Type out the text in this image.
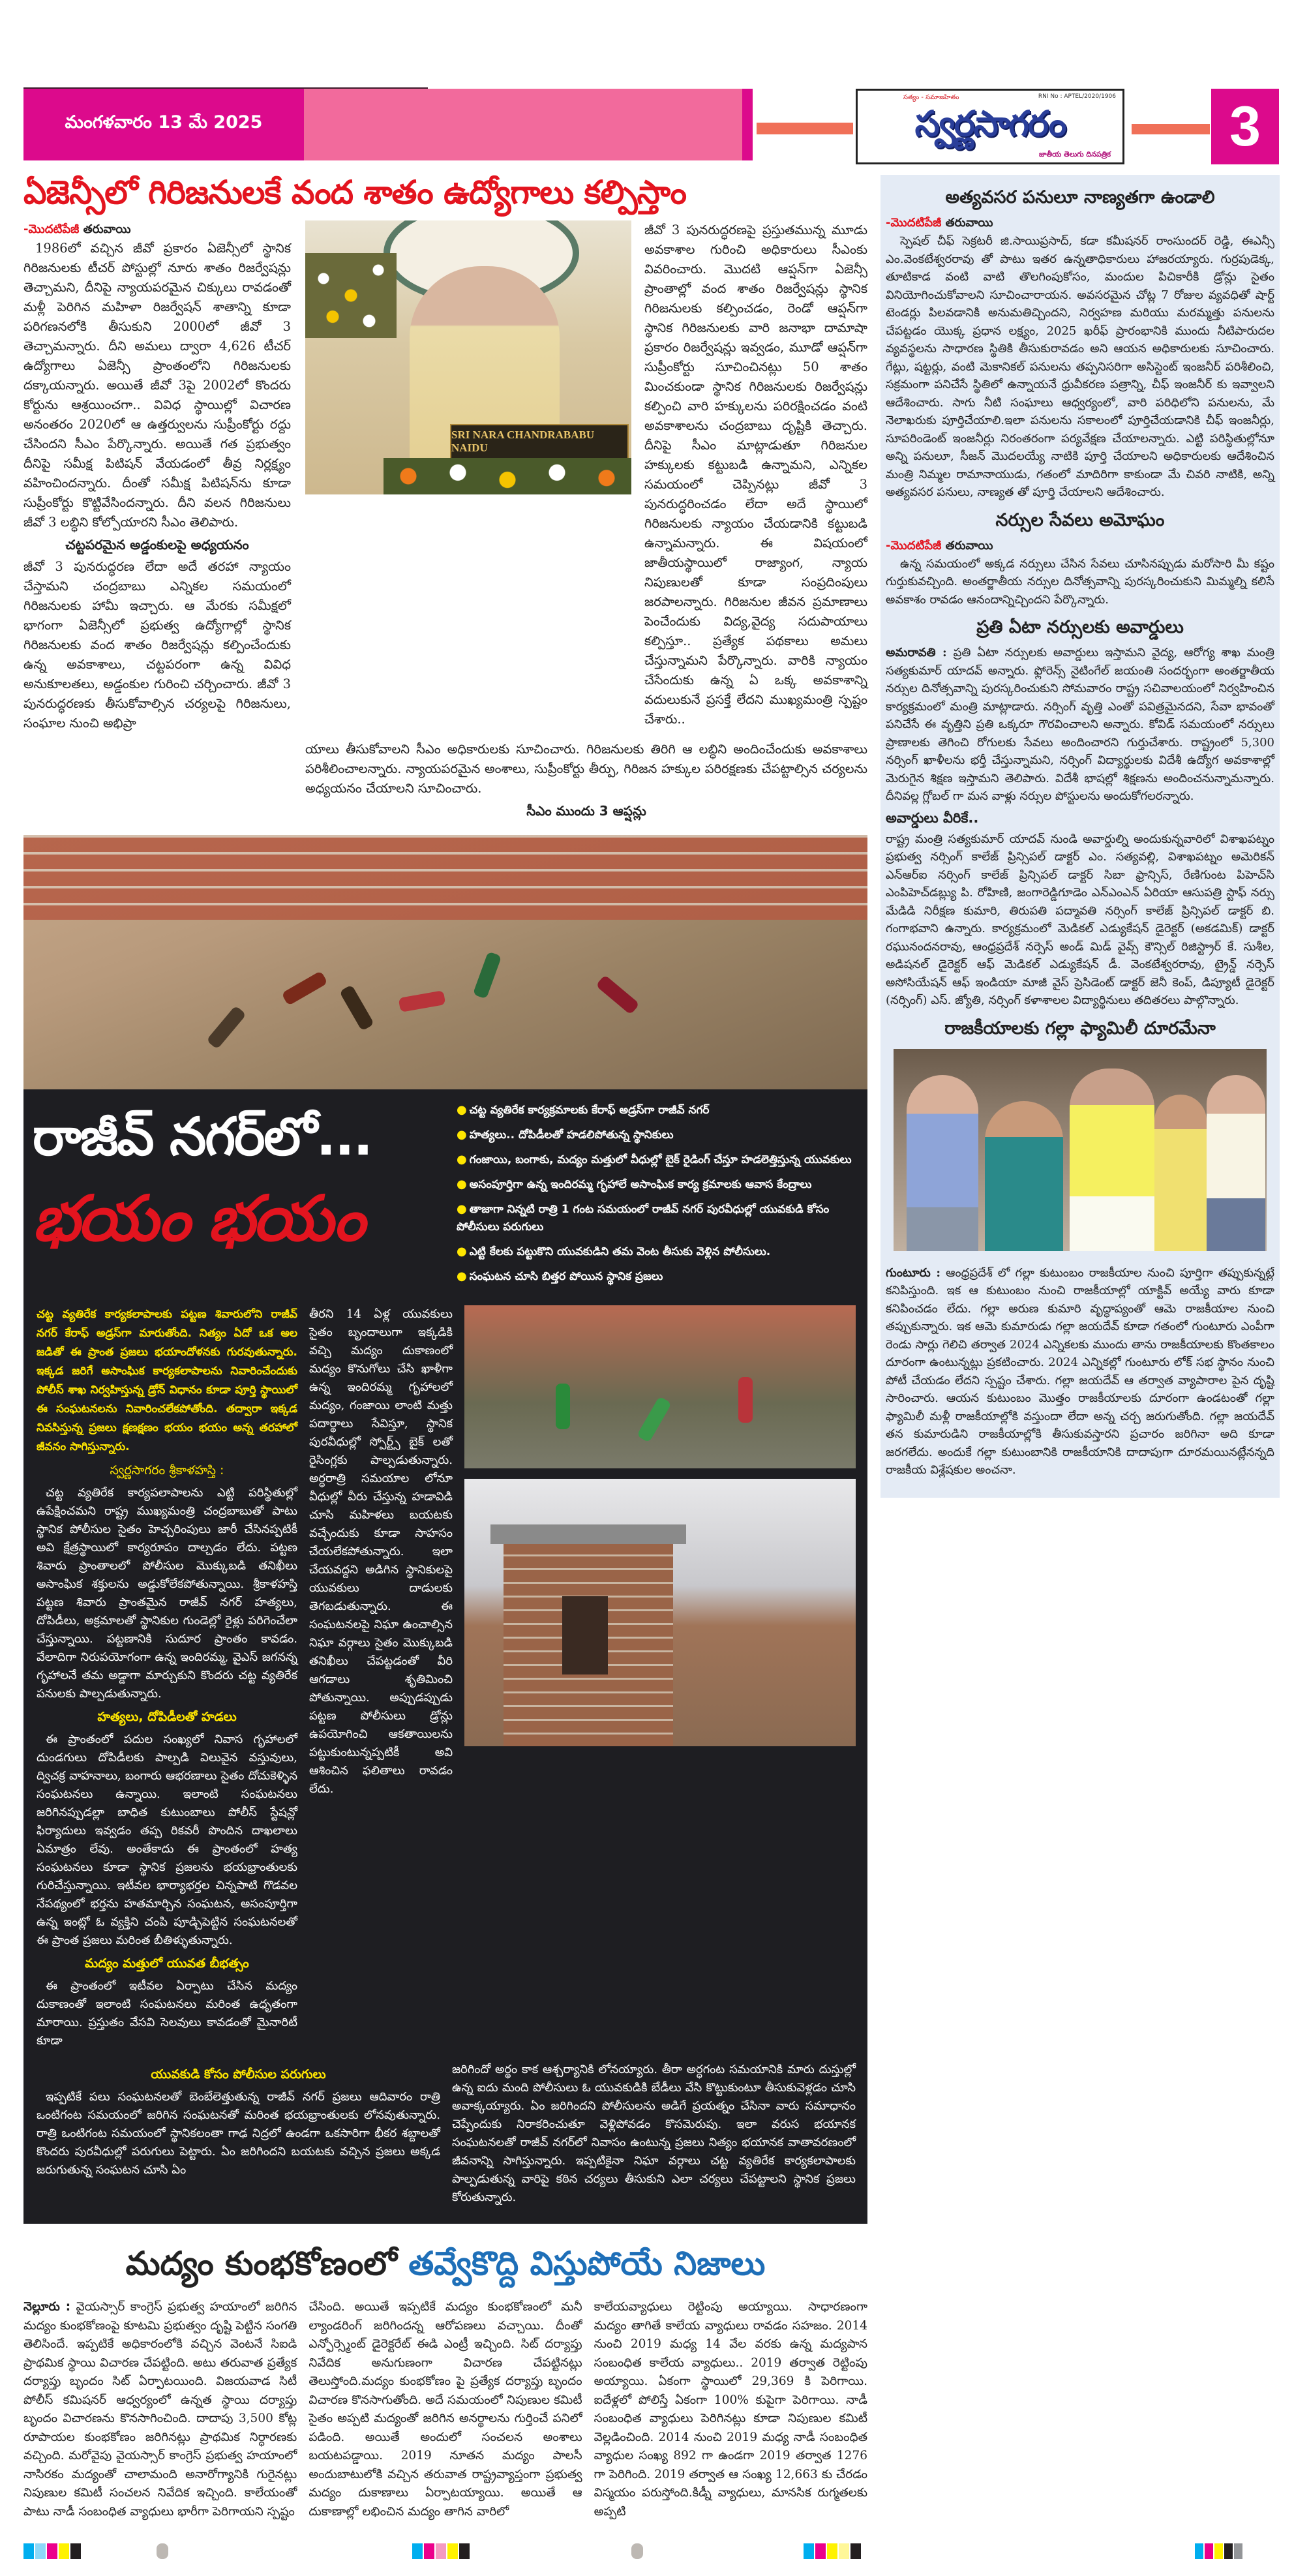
మంగళవారం 13 మే 2025
సత్యం - సమాజహితం	RNI No : APTEL/2020/1906
స్వర్ణసాగరం
జాతీయ తెలుగు దినపత్రిక	3
ఏజెన్సీలో గిరిజనులకే వంద శాతం ఉద్యోగాలు కల్పిస్తాం
-మొదటిపేజీ తరువాయి

1986లో వచ్చిన జీవో ప్రకారం ఏజెన్సీలో స్థానిక గిరిజనులకు టీచర్ పోస్టుల్లో నూరు శాతం రిజర్వేషన్లు తెచ్చామని, దీనిపై న్యాయపరమైన చిక్కులు రావడంతో మళ్లీ పెరిగిన మహిళా రిజర్వేషన్ శాతాన్ని కూడా పరిగణనలోకి తీసుకుని 2000లో జీవో 3 తెచ్చామన్నారు. దీని అమలు ద్వారా 4,626 టీచర్ ఉద్యోగాలు ఏజెన్సీ ప్రాంతంలోని గిరిజనులకు దక్కాయన్నారు. అయితే జీవో 3పై 2002లో కొందరు కోర్టును ఆశ్రయించగా.. వివిధ స్థాయిల్లో విచారణ అనంతరం 2020లో ఆ ఉత్తర్వులను సుప్రీంకోర్టు రద్దు చేసిందని సీఎం పేర్కొన్నారు. అయితే గత ప్రభుత్వం దీనిపై సమీక్ష పిటిషన్ వేయడంలో తీవ్ర నిర్లక్ష్యం వహించిందన్నారు. దీంతో సమీక్ష పిటిషన్‌ను కూడా సుప్రీంకోర్టు కొట్టివేసిందన్నారు. దీని వలన గిరిజనులు జీవో 3 లబ్ధిని కోల్పోయారని సీఎం తెలిపారు.

చట్టపరమైన అడ్డంకులపై అధ్యయనం

జీవో 3 పునరుద్ధరణ లేదా అదే తరహా న్యాయం చేస్తామని చంద్రబాబు ఎన్నికల సమయంలో గిరిజనులకు హామీ ఇచ్చారు. ఆ మేరకు సమీక్షలో భాగంగా ఏజెన్సీలో ప్రభుత్వ ఉద్యోగాల్లో స్థానిక గిరిజనులకు వంద శాతం రిజర్వేషన్లు కల్పించేందుకు ఉన్న అవకాశాలు, చట్టపరంగా ఉన్న వివిధ అనుకూలతలు, అడ్డంకుల గురించి చర్చించారు. జీవో 3 పునరుద్ధరణకు తీసుకోవాల్సిన చర్యలపై గిరిజనులు, సంఘాల నుంచి అభిప్రా

SRI NARA CHANDRABABU NAIDU

జీవో 3 పునరుద్ధరణపై ప్రస్తుతమున్న మూడు అవకాశాల గురించి అధికారులు సీఎంకు వివరించారు. మొదటి ఆప్షన్‌గా ఏజెన్సీ ప్రాంతాల్లో వంద శాతం రిజర్వేషన్లు స్థానిక గిరిజనులకు కల్పించడం, రెండో ఆప్షన్‌గా స్థానిక గిరిజనులకు వారి జనాభా దామాషా ప్రకారం రిజర్వేషన్లు ఇవ్వడం, మూడో ఆప్షన్‌గా సుప్రీంకోర్టు సూచించినట్లు 50 శాతం మించకుండా స్థానిక గిరిజనులకు రిజర్వేషన్లు కల్పించి వారి హక్కులను పరిరక్షించడం వంటి అవకాశాలను చంద్రబాబు దృష్టికి తెచ్చారు. దీనిపై సీఎం మాట్లాడుతూ గిరిజనుల హక్కులకు కట్టుబడి ఉన్నామని, ఎన్నికల సమయంలో చెప్పినట్లు జీవో 3 పునరుద్ధరించడం లేదా అదే స్థాయిలో గిరిజనులకు న్యాయం చేయడానికి కట్టుబడి ఉన్నామన్నారు. ఈ విషయంలో జాతీయస్థాయిలో రాజ్యాంగ, న్యాయ నిపుణులతో కూడా సంప్రదింపులు జరపాలన్నారు. గిరిజనుల జీవన ప్రమాణాలు పెంచేందుకు విద్య,వైద్య సదుపాయాలు కల్పిస్తూ.. ప్రత్యేక పథకాలు అమలు చేస్తున్నామని పేర్కొన్నారు. వారికి న్యాయం చేసేందుకు ఉన్న ఏ ఒక్క అవకాశాన్ని వదులుకునే ప్రసక్తే లేదని ముఖ్యమంత్రి స్పష్టం చేశారు..

యాలు తీసుకోవాలని సీఎం అధికారులకు సూచించారు. గిరిజనులకు తిరిగి ఆ లబ్ధిని అందించేందుకు అవకాశాలు పరిశీలించాలన్నారు. న్యాయపరమైన అంశాలు, సుప్రీంకోర్టు తీర్పు, గిరిజన హక్కుల పరిరక్షణకు చేపట్టాల్సిన చర్యలను అధ్యయనం చేయాలని సూచించారు.

సీఎం ముందు 3 ఆప్షన్లు
రాజీవ్ నగర్‌లో...
భయం భయం
● చట్ట వ్యతిరేక కార్యక్రమాలకు కేరాఫ్ అడ్రస్‌గా రాజీవ్ నగర్
● హత్యలు.. దోపిడీలతో హడలిపోతున్న స్థానికులు
● గంజాయి, బంగాకు, మద్యం మత్తులో వీధుల్లో బైక్ రైడింగ్ చేస్తూ హడలెత్తిస్తున్న యువకులు
● అసంపూర్తిగా ఉన్న ఇందిరమ్మ గృహాలే అసాంఘిక కార్య క్రమాలకు ఆవాస కేంద్రాలు
● తాజాగా నిన్నటి రాత్రి 1 గంట సమయంలో రాజీవ్ నగర్ పురవీధుల్లో యువకుడి కోసం పోలీసులు పరుగులు
● ఎట్టి కేలకు పట్టుకొని యువకుడిని తమ వెంట తీసుకు వెళ్లిన పోలీసులు.
● సంఘటన చూసి బిత్తర పోయిన స్థానిక ప్రజలు
చట్ట వ్యతిరేక కార్యకలాపాలకు పట్టణ శివారులోని రాజీవ్ నగర్ కేరాఫ్ అడ్రస్‌గా మారుతోంది. నిత్యం ఏదో ఒక అల జడితో ఈ ప్రాంత ప్రజలు భయాందోళనకు గురవుతున్నారు. ఇక్కడ జరిగే అసాంఘిక కార్యకలాపాలను నివారించేందుకు పోలీస్ శాఖ నిర్వహిస్తున్న డ్రోన్ విధానం కూడా పూర్తి స్థాయిలో ఈ సంఘటనలను నివారించలేకపోతోంది. తద్వారా ఇక్కడ నివసిస్తున్న ప్రజలు క్షణక్షణం భయం భయం అన్న తరహాలో జీవనం సాగిస్తున్నారు.
స్వర్ణసాగరం శ్రీకాళహస్తి :

చట్ట వ్యతిరేక కార్యపలాపాలను ఎట్టి పరిస్థితుల్లో ఉపేక్షించమని రాష్ట్ర ముఖ్యమంత్రి చంద్రబాబుతో పాటు స్థానిక పోలీసుల సైతం హెచ్చరింపులు జారీ చేసినప్పటికీ అవి క్షేత్రస్థాయిలో కార్యరూపం దాల్చడం లేదు. పట్టణ శివారు ప్రాంతాలలో పోలీసుల మొక్కుబడి తనిఖీలు అసాంఘిక శక్తులను అడ్డుకోలేకపోతున్నాయి. శ్రీకాళహస్తి పట్టణ శివారు ప్రాంతమైన రాజీవ్ నగర్ హత్యలు, దోపిడీలు, అక్రమాలతో స్థానికుల గుండెల్లో రైళ్లు పరిగెంచేలా చేస్తున్నాయి. పట్టణానికి సుదూర ప్రాంతం కావడం. వేలాదిగా నిరుపయోగంగా ఉన్న ఇందిరమ్మ, వైఎస్ జగనన్న గృహాలనే తమ అడ్డాగా మార్చుకుని కొందరు చట్ట వ్యతిరేక పనులకు పాల్పడుతున్నారు.

హత్యలు, దోపిడీలతో హడలు

ఈ ప్రాంతంలో పదుల సంఖ్యలో నివాస గృహాలలో దుండగులు దోపిడీలకు పాల్పడి విలువైన వస్తువులు, ద్విచక్ర వాహనాలు, బంగారు ఆభరణాలు సైతం దోచుకెళ్ళిన సంఘటనలు ఉన్నాయి. ఇలాంటి సంఘటనలు జరిగినప్పుడల్లా బాధిత కుటుంబాలు పోలీస్ స్టేషన్లో ఫిర్యాదులు ఇవ్వడం తప్ప రికవరీ పొందిన దాఖలాలు ఏమాత్రం లేవు. అంతేకాదు ఈ ప్రాంతంలో హత్య సంఘటనలు కూడా స్థానిక ప్రజలను భయభ్రాంతులకు గురిచేస్తున్నాయి. ఇటీవల భార్యాభర్తల చిన్నపాటి గొడవల నేపథ్యంలో భర్తను హతమార్చిన సంఘటన, అసంపూర్తిగా ఉన్న ఇంట్లో ఓ వ్యక్తిని చంపి పూడ్చిపెట్టిన సంఘటనలతో ఈ ప్రాంత ప్రజలు మరింత బీతిళ్ళుతున్నారు.

మద్యం మత్తులో యువత బీభత్సం

ఈ ప్రాంతంలో ఇటీవల ఏర్పాటు చేసిన మద్యం దుకాణంతో ఇలాంటి సంఘటనలు మరింత ఉధృతంగా మారాయి. ప్రస్తుతం వేసవి సెలవులు కావడంతో మైనారిటీ కూడా

తీరని 14 ఏళ్ల యువకులు సైతం బృందాలుగా ఇక్కడికి వచ్చి మద్యం దుకాణంలో మద్యం కొనుగోలు చేసి ఖాళీగా ఉన్న ఇందిరమ్మ గృహాలలో మద్యం, గంజాయి లాంటి మత్తు పదార్థాలు సేవిస్తూ, స్థానిక పురవీధుల్లో స్పోర్ట్స్ బైక్ లతో రైసింగ్లకు పాల్పడుతున్నారు. అర్ధరాత్రి సమయాల లోనూ వీధుల్లో వీరు చేస్తున్న హడావిడి చూసి మహిళలు బయటకు వచ్చేందుకు కూడా సాహసం చేయలేకపోతున్నారు. ఇలా చేయవద్దని అడిగిన స్థానికులపై యువకులు దాడులకు తెగబడుతున్నారు. ఈ సంఘటనలపై నిఘా ఉంచాల్సిన నిఘా వర్గాలు సైతం మొక్కుబడి తనిఖీలు చేపట్టడంతో వీరి ఆగడాలు శృతిమించి పోతున్నాయి. అప్పుడప్పుడు పట్టణ పోలీసులు డ్రోన్లు ఉపయోగించి ఆకతాయిలను పట్టుకుంటున్నప్పటికీ అవి ఆశించిన ఫలితాలు రావడం లేదు.

యువకుడి కోసం పోలీసుల పరుగులు

ఇప్పటికే పలు సంఘటనలతో బెంబేలెత్తుతున్న రాజీవ్ నగర్ ప్రజలు ఆదివారం రాత్రి ఒంటిగంట సమయంలో జరిగిన సంఘటనతో మరింత భయభ్రాంతులకు లోనవుతున్నారు. రాత్రి ఒంటిగంట సమయంలో స్థానికలంతా గాఢ నిద్రలో ఉండగా ఒకసారిగా భీకర శబ్దాలతో కొందరు పురవీధుల్లో పరుగులు పెట్టారు. ఏం జరిగిందని బయటకు వచ్చిన ప్రజలు అక్కడ జరుగుతున్న సంఘటన చూసి ఏం

జరిగిందో అర్థం కాక ఆశ్చర్యానికి లోనయ్యారు. తీరా అర్ధగంట సమయానికి మారు దుస్తుల్లో ఉన్న ఐదు మంది పోలీసులు ఓ యువకుడికి బేడీలు వేసి కొట్టుకుంటూ తీసుకువెళ్లడం చూసి అవాక్కయ్యారు. ఏం జరిగిందని పోలీసులను అడిగే ప్రయత్నం చేసినా వారు సమాధానం చెప్పేందుకు నిరాకరించుతూ వెళ్లిపోవడం కొసమెరుపు. ఇలా వరుస భయానక సంఘటనలతో రాజీవ్ నగర్‌లో నివాసం ఉంటున్న ప్రజలు నిత్యం భయానక వాతావరణంలో జీవనాన్ని సాగిస్తున్నారు. ఇప్పటికైనా నిఘా వర్గాలు చట్ట వ్యతిరేక కార్యకలాపాలకు పాల్పడుతున్న వారిపై కఠిన చర్యలు తీసుకుని ఎలా చర్యలు చేపట్టాలని స్థానిక ప్రజలు కోరుతున్నారు.

మద్యం కుంభకోణంలో తవ్వేకొద్ది విస్తుపోయే నిజాలు

నెల్లూరు : వైయస్సార్ కాంగ్రెస్ ప్రభుత్వ హయాంలో జరిగిన మద్యం కుంభకోణంపై కూటమి ప్రభుత్వం దృష్టి పెట్టిన సంగతి తెలిసిందే. ఇప్పటికే అధికారంలోకి వచ్చిన వెంటనే సిఐడి ప్రాథమిక స్థాయి విచారణ చేపట్టింది. అటు తరువాత ప్రత్యేక దర్యాప్తు బృందం సిట్ ఏర్పాటయింది. విజయవాడ సిటీ పోలీస్ కమిషనర్ ఆధ్వర్యంలో ఉన్నత స్థాయి దర్యాప్తు బృందం విచారణను కొనసాగించింది. దాదాపు 3,500 కోట్ల రూపాయల కుంభకోణం జరిగినట్లు ప్రాథమిక నిర్ధారణకు వచ్చింది. మరోవైపు వైయస్సార్ కాంగ్రెస్ ప్రభుత్వ హయాంలో నాసిరకం మద్యంతో చాలామంది అనారోగ్యానికి గురైనట్లు నిపుణుల కమిటీ సంచలన నివేదిక ఇచ్చింది. కాలేయంతో పాటు నాడీ సంబంధిత వ్యాధులు భారీగా పెరిగాయని స్పష్టం

చేసింది. అయితే ఇప్పటికే మద్యం కుంభకోణంలో మనీ ల్యాండరింగ్ జరిగిందన్న ఆరోపణలు వచ్చాయి. దీంతో ఎన్ఫోర్స్మెంట్ డైరెక్టరేట్ ఈడి ఎంట్రీ ఇచ్చింది. సిట్ దర్యాప్తు నివేదిక అనుగుణంగా విచారణ చేపట్టినట్లు తెలుస్తోంది.మద్యం కుంభకోణం పై ప్రత్యేక దర్యాప్తు బృందం విచారణ కొనసాగుతోంది. అదే సమయంలో నిపుణుల కమిటీ సైతం అప్పటి మద్యంతో జరిగిన అనర్థాలను గుర్తించే పనిలో పడింది. అయితే అందులో సంచలన అంశాలు బయటపడ్డాయి. 2019 నూతన మద్యం పాలసీ అందుబాటులోకి వచ్చిన తరువాత రాష్ట్రవ్యాప్తంగా ప్రభుత్వ మద్యం దుకాణాలు ఏర్పాటయ్యాయి. అయితే ఆ దుకాణాల్లో లభించిన మద్యం తాగిన వారిలో

కాలేయవ్యాధులు రెట్టింపు అయ్యాయి. సాధారణంగా మద్యం తాగితే కాలేయ వ్యాధులు రావడం సహజం. 2014 నుంచి 2019 మధ్య 14 వేల వరకు ఉన్న మద్యపాన సంబంధిత కాలేయ వ్యాధులు.. 2019 తర్వాత రెట్టింపు అయ్యాయి. ఏకంగా స్థాయిలో 29,369 కి పెరిగాయి. ఐదేళ్లలో పోలిస్తే ఏకంగా 100% కుపైగా పెరిగాయి. నాడీ సంబంధిత వ్యాధులు పెరిగినట్లు కూడా నిపుణుల కమిటీ వెల్లడించింది. 2014 నుంచి 2019 మధ్య నాడీ సంబంధిత వ్యాధుల సంఖ్య 892 గా ఉండగా 2019 తర్వాత 1276 గా పెరిగింది. 2019 తర్వాత ఆ సంఖ్య 12,663 కు చేరడం విస్మయం పరుస్తోంది.కిడ్నీ వ్యాధులు, మానసిక రుగ్మతలకు అప్పటి

అత్యవసర పనులూ నాణ్యతగా ఉండాలి
-మొదటిపేజీ తరువాయి

స్పెషల్ చీఫ్ సెక్రటరీ జి.సాయిప్రసాద్, కడా కమీషనర్ రాంసుందర్ రెడ్డి, ఈఎన్సీ ఎం.వెంకటేశ్వరరావు తో పాటు ఇతర ఉన్నతాధికారులు హాజరయ్యారు. గుర్రపుడెక్క, తూటికాడ వంటి వాటి తొలగింపుకోసం, మందుల పిచికారీకి డ్రోన్లు సైతం వినియోగించుకోవాలని సూచించారాయన. అవసరమైన చోట్ల 7 రోజుల వ్యవధితో షార్ట్ టెండర్లు పిలవడానికి అనుమతిచ్చిందని, నిర్వహణ మరియు మరమ్మత్తు పనులను చేపట్టడం యొక్క ప్రధాన లక్ష్యం, 2025 ఖరీఫ్ ప్రారంభానికి ముందు నీటిపారుదల వ్యవస్థలను సాధారణ స్థితికి తీసుకురావడం అని ఆయన అధికారులకు సూచించారు. గేట్లు, షట్టర్లు, వంటి మెకానికల్ పనులను తప్పనిసరిగా అసిస్టెంట్ ఇంజనీర్ పరిశీలించి, సక్రమంగా పనిచేసే స్థితిలో ఉన్నాయనే ధ్రువీకరణ పత్రాన్ని, చీఫ్ ఇంజనీర్ కు ఇవ్వాలని ఆదేశించారు. సాగు నీటి సంఘాలు ఆధ్వర్యంలో, వారి పరిధిలోని పనులను, మే నెలాఖరుకు పూర్తిచేయాలి.ఇలా పనులను సకాలంలో పూర్తిచేయడానికి చీఫ్ ఇంజనీర్లు, సూపరిండెంట్ ఇంజనీర్లు నిరంతరంగా పర్యవేక్షణ చేయాలన్నారు. ఎట్టి పరిస్థితుల్లోనూ అన్ని పనులూ, సీజన్ మొదలయ్యే నాటికి పూర్తి చేయాలని అధికారులకు ఆదేశించిన మంత్రి నిమ్మల రామానాయుడు, గతంలో మాదిరిగా కాకుండా మే చివరి నాటికి, అన్ని అత్యవసర పనులు, నాణ్యత తో పూర్తి చేయాలని ఆదేశించారు.

నర్సుల సేవలు అమోఘం
-మొదటిపేజీ తరువాయి

ఉన్న సమయంలో అక్కడ నర్సులు చేసిన సేవలు చూసినప్పుడు మరోసారి మీ కష్టం గుర్తుకువచ్చింది. అంతర్జాతీయ నర్సుల దినోత్సవాన్ని పురస్కరించుకుని మిమ్మల్ని కలిసే అవకాశం రావడం ఆనందాన్నిచ్చిందని పేర్కొన్నారు.

ప్రతి ఏటా నర్సులకు అవార్డులు

అమరావతి : ప్రతి ఏటా నర్సులకు అవార్డులు ఇస్తామని వైద్య, ఆరోగ్య శాఖ మంత్రి సత్యకుమార్ యాదవ్ అన్నారు. ఫ్లోరెన్స్ నైటింగేల్ జయంతి సందర్భంగా అంతర్జాతీయ నర్సుల దినోత్సవాన్ని పురస్కరించుకుని సోమవారం రాష్ట్ర సచివాలయంలో నిర్వహించిన కార్యక్రమంలో మంత్రి మాట్లాడారు. నర్సింగ్ వృత్తి ఎంతో పవిత్రమైనదని, సేవా భావంతో పనిచేసే ఈ వృత్తిని ప్రతి ఒక్కరూ గౌరవించాలని అన్నారు. కోవిడ్ సమయంలో నర్సులు ప్రాణాలకు తెగించి రోగులకు సేవలు అందించారని గుర్తుచేశారు. రాష్ట్రంలో 5,300 నర్సింగ్ ఖాళీలను భర్తీ చేస్తున్నామని, నర్సింగ్ విద్యార్థులకు విదేశీ ఉద్యోగ అవకాశాల్లో మెరుగైన శిక్షణ ఇస్తామని తెలిపారు. విదేశీ భాషల్లో శిక్షణను అందించనున్నామన్నారు. దీనివల్ల గ్లోబల్ గా మన వాళ్లు నర్సుల పోస్టులను అందుకోగలరన్నారు.

అవార్డులు వీరికే..

రాష్ట్ర మంత్రి సత్యకుమార్ యాదవ్ నుండి అవార్డుల్ని అందుకున్నవారిలో విశాఖపట్నం ప్రభుత్వ నర్సింగ్ కాలేజ్ ప్రిన్సిపల్ డాక్టర్ ఎం. సత్యవల్లి, విశాఖపట్నం అమెరికన్ ఎన్ఆర్ఐ నర్సింగ్ కాలేజ్ ప్రిన్సిపల్ డాక్టర్ సిబా ఫ్రాన్సిస్, రేణిగుంట పిహెచ్‌సి ఎంపిహెచ్‌డబ్ల్యు పి. రోహిణి, జంగారెడ్డిగూడెం ఎన్ఎంఎన్ ఏరియా ఆసుపత్రి స్టాఫ్ నర్సు మేడిడి నిరీక్షణ కుమారి, తిరుపతి పద్మావతి నర్సింగ్ కాలేజ్ ప్రిన్సిపల్ డాక్టర్ బి. గంగాభవాని ఉన్నారు. కార్యక్రమంలో మెడికల్ ఎడ్యుకేషన్ డైరెక్టర్ (అకడమిక్) డాక్టర్ రఘునందనరావు, ఆంధ్రప్రదేశ్ నర్సెస్ అండ్ మిడ్ వైవ్స్ కౌన్సిల్ రిజిస్ట్రార్ కే. సుశీల, అడిషనల్ డైరెక్టర్ ఆఫ్ మెడికల్ ఎడ్యుకేషన్ డీ. వెంకటేశ్వరరావు, ట్రైన్డ్ నర్సెస్ అసోసియేషన్ ఆఫ్ ఇండియా మాజీ వైస్ ప్రెసిడెంట్ డాక్టర్ జెనీ కెంప్, డిప్యూటీ డైరెక్టర్ (నర్సింగ్) ఎస్. జ్యోతి, నర్సింగ్ కళాశాలల విద్యార్థినులు తదితరలు పాల్గొన్నారు.

రాజకీయాలకు గల్లా ఫ్యామిలీ దూరమేనా

గుంటూరు : ఆంధ్రప్రదేశ్ లో గల్లా కుటుంబం రాజకీయాల నుంచి పూర్తిగా తప్పుకున్నట్లే కనిపిస్తుంది. ఇక ఆ కుటుంబం నుంచి రాజకీయాల్లో యాక్టివ్ అయ్యే వారు కూడా కనిపించడం లేదు. గల్లా అరుణ కుమారి వృద్ధాప్యంతో ఆమె రాజకీయాల నుంచి తప్పుకున్నారు. ఇక ఆమె కుమారుడు గల్లా జయదేవ్ కూడా గతంలో గుంటూరు ఎంపీగా రెండు సార్లు గెలిచి తర్వాత 2024 ఎన్నికలకు ముందు తాను రాజకీయాలకు కొంతకాలం దూరంగా ఉంటున్నట్లు ప్రకటించారు. 2024 ఎన్నికల్లో గుంటూరు లోక్ సభ స్థానం నుంచి పోటీ చేయడం లేదని స్పష్టం చేశారు. గల్లా జయదేవ్ ఆ తర్వాత వ్యాపారాల పైన దృష్టి సారించారు. ఆయన కుటుంబం మొత్తం రాజకీయాలకు దూరంగా ఉండటంతో గల్లా ఫ్యామిలీ మళ్లీ రాజకీయాల్లోకి వస్తుందా లేదా అన్న చర్చ జరుగుతోంది. గల్లా జయదేవ్ తన కుమారుడిని రాజకీయాల్లోకి తీసుకువస్తారని ప్రచారం జరిగినా అది కూడా జరగలేదు. అందుకే గల్లా కుటుంబానికి రాజకీయానికి దాదాపుగా దూరమయినట్లేనన్నది రాజకీయ విశ్లేషకుల అంచనా.
